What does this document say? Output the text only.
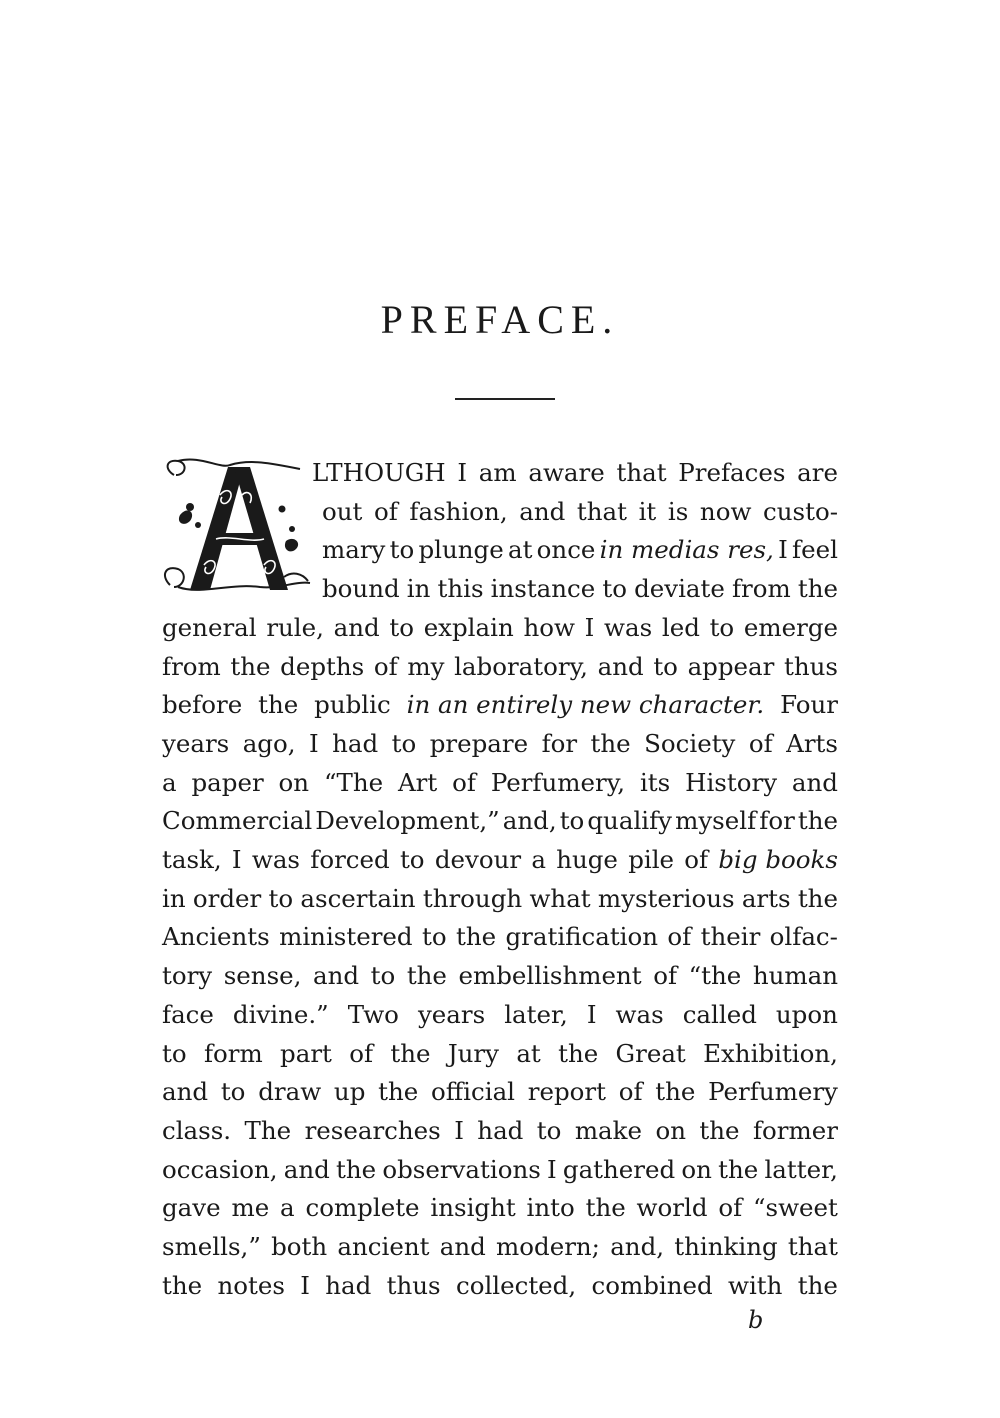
PREFACE.
LTHOUGH I am aware that Prefaces are
out of fashion, and that it is now custo-
mary to plunge at once in medias res, I feel
bound in this instance to deviate from the
general rule, and to explain how I was led to emerge
from the depths of my laboratory, and to appear thus
before the public in an entirely new character. Four
years ago, I had to prepare for the Society of Arts
a paper on “The Art of Perfumery, its History and
Commercial Development,” and, to qualify myself for the
task, I was forced to devour a huge pile of big books
in order to ascertain through what mysterious arts the
Ancients ministered to the gratification of their olfac-
tory sense, and to the embellishment of “the human
face divine.” Two years later, I was called upon
to form part of the Jury at the Great Exhibition,
and to draw up the official report of the Perfumery
class. The researches I had to make on the former
occasion, and the observations I gathered on the latter,
gave me a complete insight into the world of “sweet
smells,” both ancient and modern; and, thinking that
the notes I had thus collected, combined with the
b
